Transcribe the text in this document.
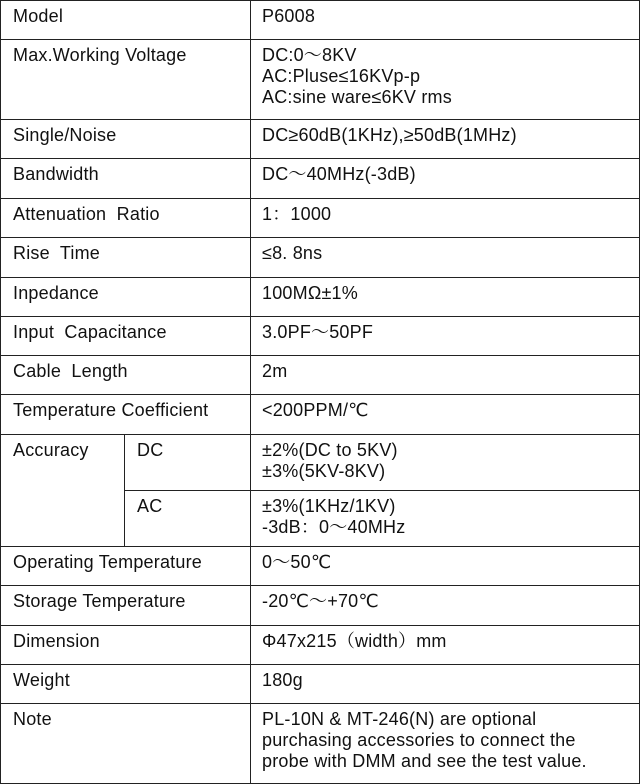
Model		P6008

Max.Working Voltage		DC:0～8KV
AC:Pluse≤16KVp-p
AC:sine ware≤6KV rms

Single/Noise		DC≥60dB(1KHz),≥50dB(1MHz)

Bandwidth		DC～40MHz(-3dB)

Attenuation  Ratio		1：1000

Rise  Time		≤8. 8ns

Inpedance		100MΩ±1%

Input  Capacitance		3.0PF～50PF

Cable  Length		2m

Temperature Coefficient		<200PPM/℃

Accuracy	DC	±2%(DC to 5KV)
±3%(5KV-8KV)

	AC	±3%(1KHz/1KV)
-3dB：0～40MHz

Operating Temperature		0～50℃

Storage Temperature		-20℃～+70℃

Dimension		Φ47x215（width）mm

Weight		180g

Note		PL-10N & MT-246(N) are optional
purchasing accessories to connect the
probe with DMM and see the test value.
